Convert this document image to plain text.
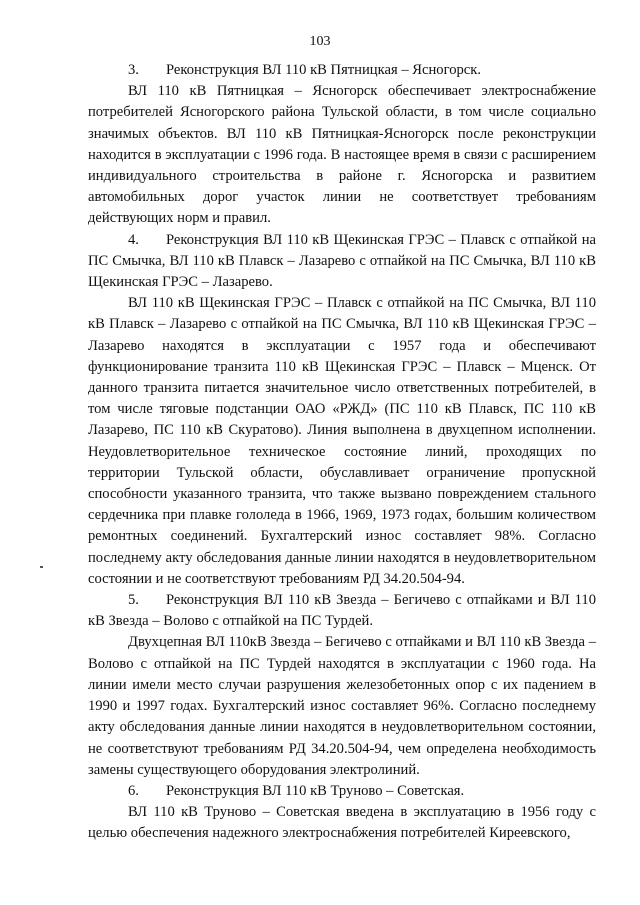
103

3. Реконструкция ВЛ 110 кВ Пятницкая – Ясногорск.

ВЛ 110 кВ Пятницкая – Ясногорск обеспечивает электроснабжение потребителей Ясногорского района Тульской области, в том числе социально значимых объектов. ВЛ 110 кВ Пятницкая-Ясногорск после реконструкции находится в эксплуатации с 1996 года. В настоящее время в связи с расширением индивидуального строительства в районе г. Ясногорска и развитием автомобильных дорог участок линии не соответствует требованиям действующих норм и правил.

4. Реконструкция ВЛ 110 кВ Щекинская ГРЭС – Плавск с отпайкой на ПС Смычка, ВЛ 110 кВ Плавск – Лазарево с отпайкой на ПС Смычка, ВЛ 110 кВ Щекинская ГРЭС – Лазарево.

ВЛ 110 кВ Щекинская ГРЭС – Плавск с отпайкой на ПС Смычка, ВЛ 110 кВ Плавск – Лазарево с отпайкой на ПС Смычка, ВЛ 110 кВ Щекинская ГРЭС – Лазарево находятся в эксплуатации с 1957 года и обеспечивают функционирование транзита 110 кВ Щекинская ГРЭС – Плавск – Мценск. От данного транзита питается значительное число ответственных потребителей, в том числе тяговые подстанции ОАО «РЖД» (ПС 110 кВ Плавск, ПС 110 кВ Лазарево, ПС 110 кВ Скуратово). Линия выполнена в двухцепном исполнении. Неудовлетворительное техническое состояние линий, проходящих по территории Тульской области, обуславливает ограничение пропускной способности указанного транзита, что также вызвано повреждением стального сердечника при плавке гололеда в 1966, 1969, 1973 годах, большим количеством ремонтных соединений. Бухгалтерский износ составляет 98%. Согласно последнему акту обследования данные линии находятся в неудовлетворительном состоянии и не соответствуют требованиям РД 34.20.504-94.

5. Реконструкция ВЛ 110 кВ Звезда – Бегичево с отпайками и ВЛ 110 кВ Звезда – Волово с отпайкой на ПС Турдей.

Двухцепная ВЛ 110кВ Звезда – Бегичево с отпайками и ВЛ 110 кВ Звезда – Волово с отпайкой на ПС Турдей находятся в эксплуатации с 1960 года. На линии имели место случаи разрушения железобетонных опор с их падением в 1990 и 1997 годах. Бухгалтерский износ составляет 96%. Согласно последнему акту обследования данные линии находятся в неудовлетворительном состоянии, не соответствуют требованиям РД 34.20.504-94, чем определена необходимость замены существующего оборудования электролиний.

6. Реконструкция ВЛ 110 кВ Труново – Советская.

ВЛ 110 кВ Труново – Советская введена в эксплуатацию в 1956 году с целью обеспечения надежного электроснабжения потребителей Киреевского,
